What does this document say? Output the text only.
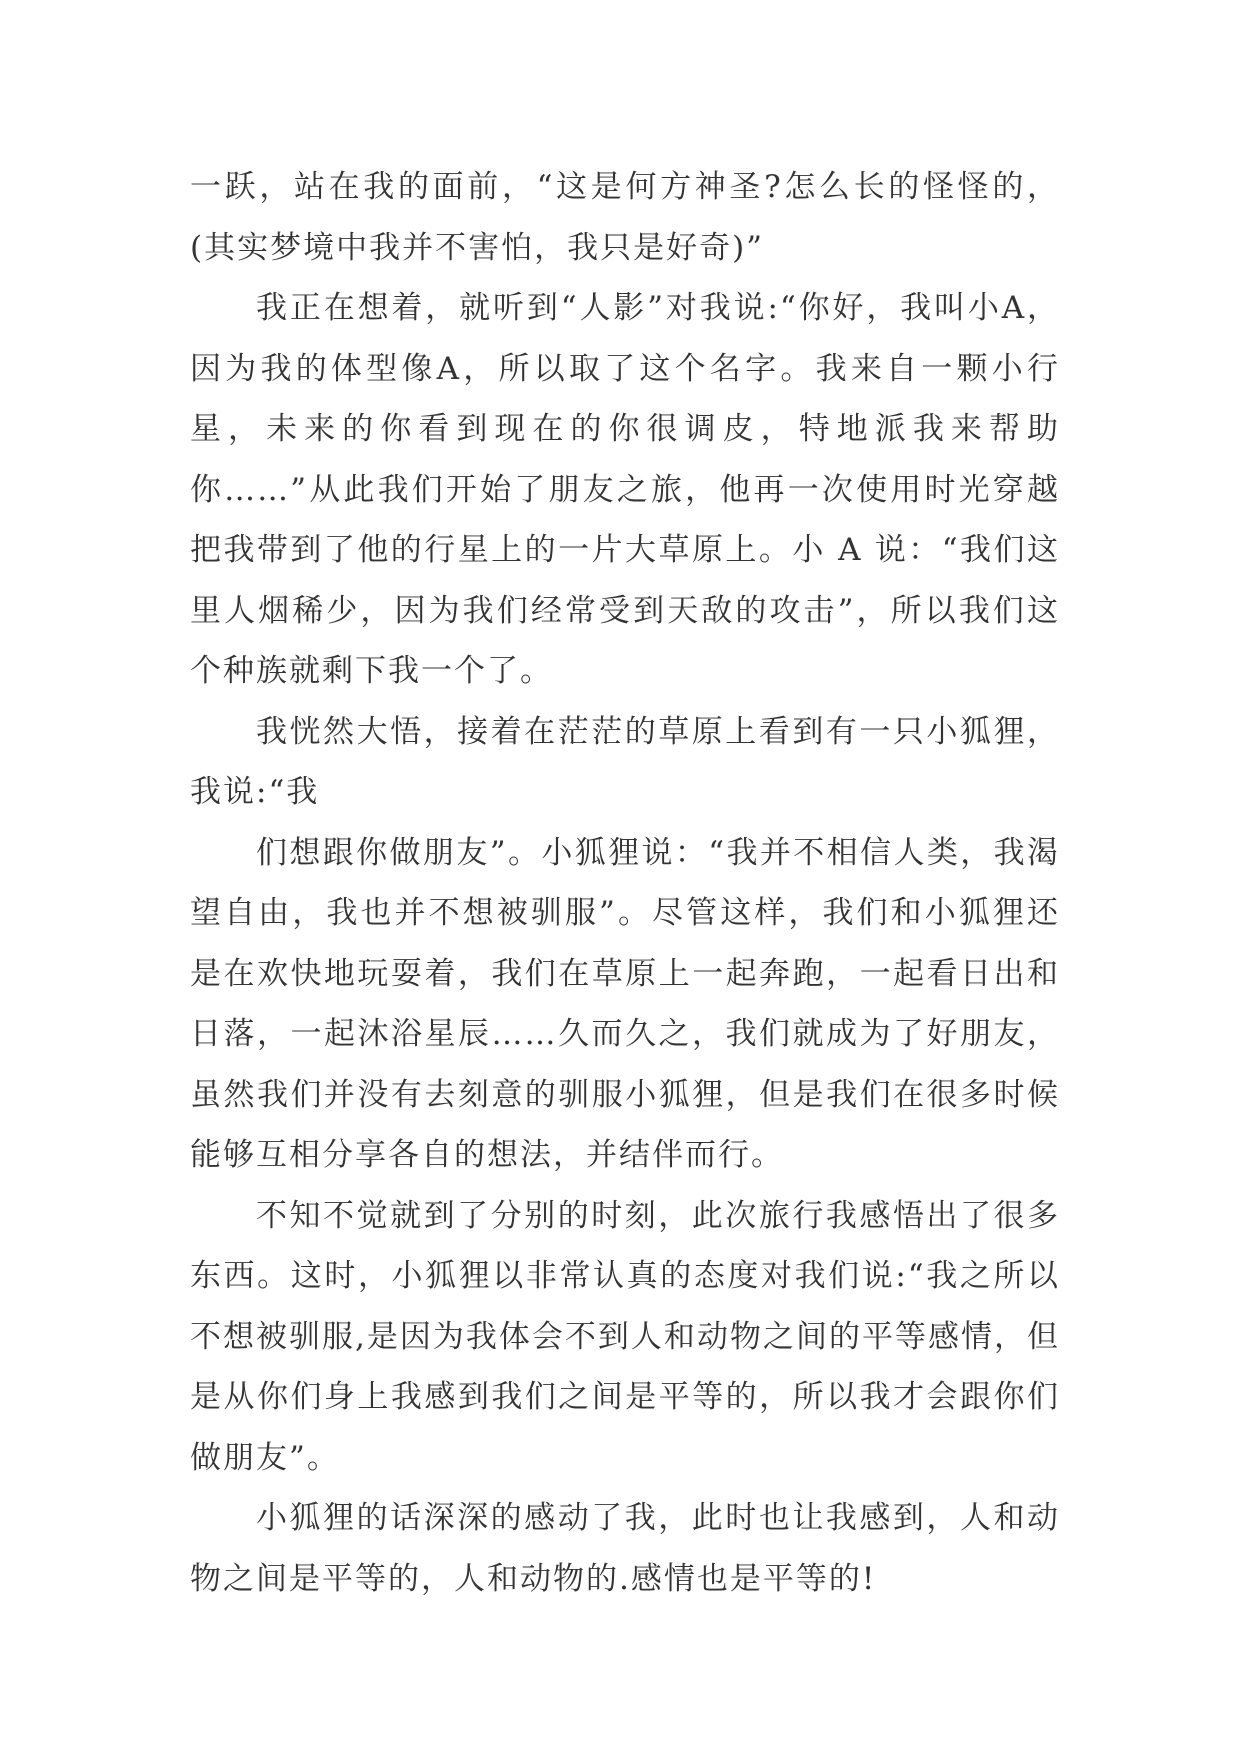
一跃，站在我的面前，“这是何方神圣?怎么长的怪怪的，(其实梦境中我并不害怕，我只是好奇)”

我正在想着，就听到“人影”对我说:“你好，我叫小A，因为我的体型像A，所以取了这个名字。我来自一颗小行星，未来的你看到现在的你很调皮，特地派我来帮助你……”从此我们开始了朋友之旅，他再一次使用时光穿越把我带到了他的行星上的一片大草原上。小 A 说：“我们这里人烟稀少，因为我们经常受到天敌的攻击”，所以我们这个种族就剩下我一个了。

我恍然大悟，接着在茫茫的草原上看到有一只小狐狸，我说:“我

们想跟你做朋友”。小狐狸说：“我并不相信人类，我渴望自由，我也并不想被驯服”。尽管这样，我们和小狐狸还是在欢快地玩耍着，我们在草原上一起奔跑，一起看日出和日落，一起沐浴星辰……久而久之，我们就成为了好朋友，虽然我们并没有去刻意的驯服小狐狸，但是我们在很多时候能够互相分享各自的想法，并结伴而行。

不知不觉就到了分别的时刻，此次旅行我感悟出了很多东西。这时，小狐狸以非常认真的态度对我们说:“我之所以不想被驯服,是因为我体会不到人和动物之间的平等感情，但是从你们身上我感到我们之间是平等的，所以我才会跟你们做朋友”。

小狐狸的话深深的感动了我，此时也让我感到，人和动物之间是平等的，人和动物的.感情也是平等的!
